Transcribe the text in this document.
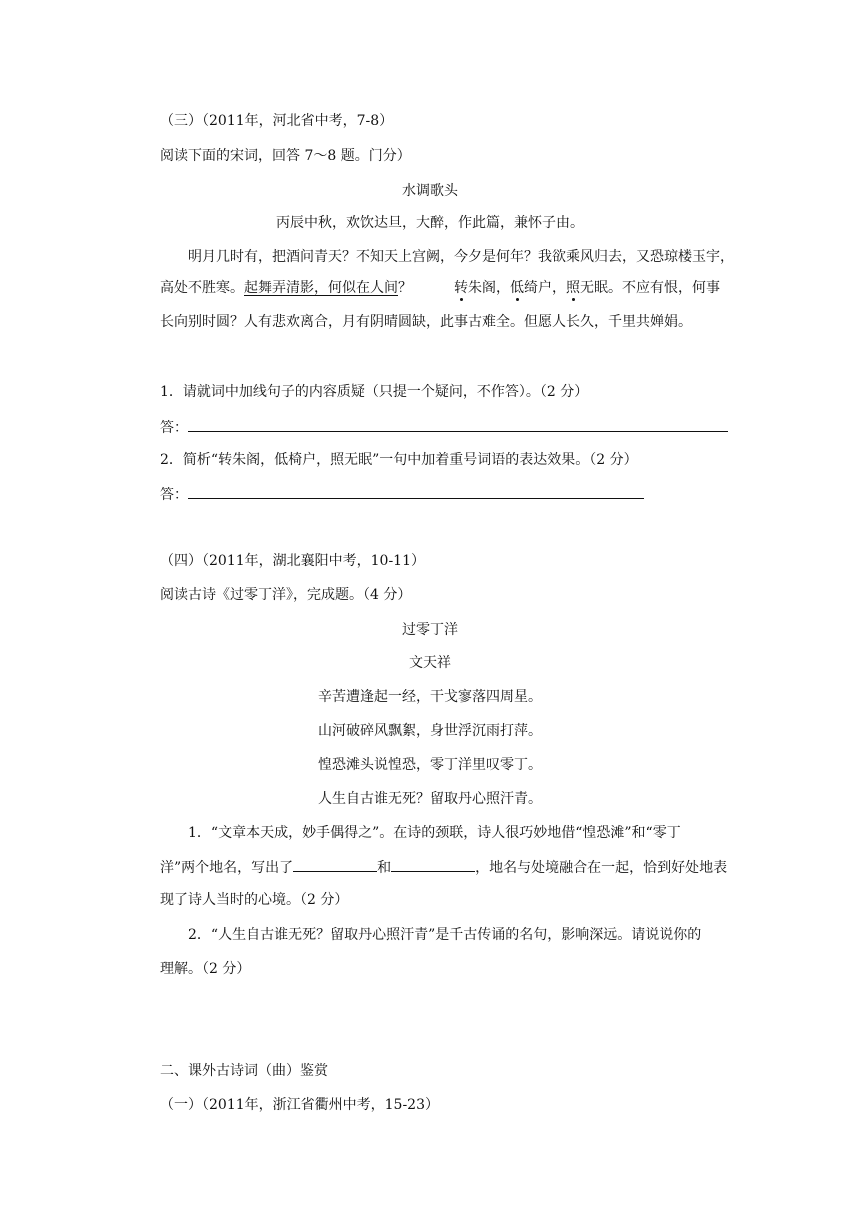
（三）（2011年，河北省中考，7-8）
阅读下面的宋词，回答 7～8 题。门分）
水调歌头
丙辰中秋，欢饮达旦，大醉，作此篇，兼怀子由。
明月几时有，把酒问青天？不知天上宫阙，今夕是何年？我欲乘风归去，又恐琼楼玉宇，
高处不胜寒。起舞弄清影，何似在人间？	转朱阁，低绮户，照无眠。不应有恨，何事
长向别时圆？人有悲欢离合，月有阴晴圆缺，此事古难全。但愿人长久，千里共婵娟。
1．请就词中加线句子的内容质疑（只提一个疑问，不作答）。（2 分）
答：
2．简析“转朱阁，低椅户，照无眠”一句中加着重号词语的表达效果。（2 分）
答：
（四）（2011年，湖北襄阳中考，10-11）
阅读古诗《过零丁洋》，完成题。（4 分）
过零丁洋
文天祥
辛苦遭逢起一经，干戈寥落四周星。
山河破碎风飘絮，身世浮沉雨打萍。
惶恐滩头说惶恐，零丁洋里叹零丁。
人生自古谁无死？留取丹心照汗青。
1．“文章本天成，妙手偶得之”。在诗的颈联，诗人很巧妙地借“惶恐滩”和“零丁
洋”两个地名，写出了	和	，地名与处境融合在一起，恰到好处地表
现了诗人当时的心境。（2 分）
2．“人生自古谁无死？留取丹心照汗青”是千古传诵的名句，影响深远。请说说你的
理解。（2 分）
二、课外古诗词（曲）鉴赏
（一）（2011年，浙江省衢州中考，15-23）
